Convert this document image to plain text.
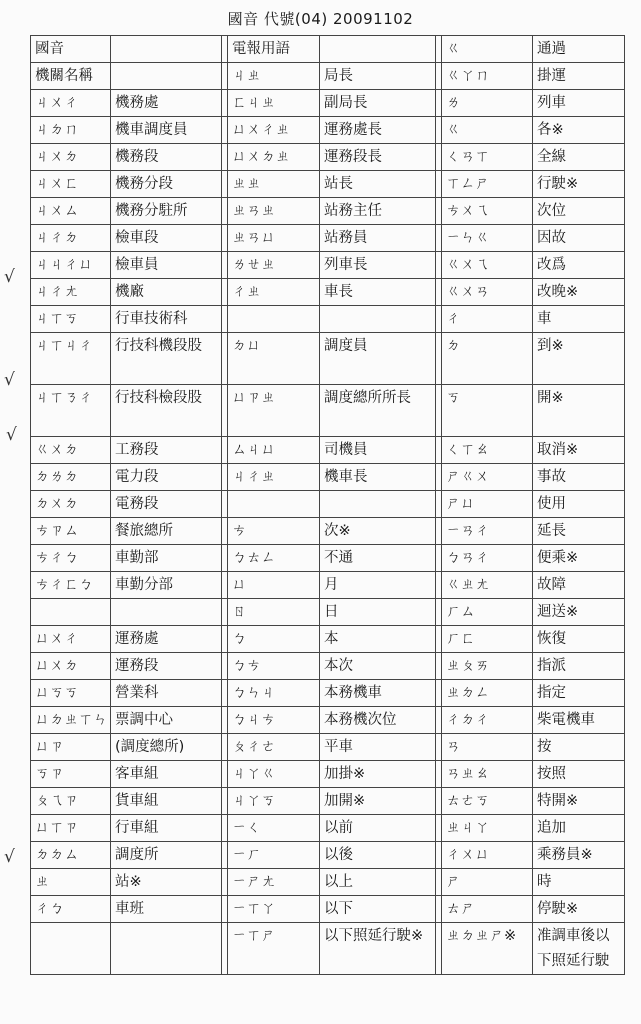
國音 代號(04) 20091102
國音			電報用語			ㄍ	通過
機關名稱			ㄐㄓ	局長		ㄍㄚㄇ	掛運
ㄐㄨㄔ	機務處		ㄈㄐㄓ	副局長		ㄌ	列車
ㄐㄉㄇ	機車調度員		ㄩㄨㄔㄓ	運務處長		ㄍ	各※
ㄐㄨㄉ	機務段		ㄩㄨㄉㄓ	運務段長		ㄑㄢㄒ	全線
ㄐㄨㄈ	機務分段		ㄓㄓ	站長		ㄒㄥㄕ	行駛※
ㄐㄨㄙ	機務分駐所		ㄓㄢㄓ	站務主任		ㄘㄨㄟ	次位
ㄐㄔㄉ	檢車段		ㄓㄢㄩ	站務員		ㄧㄣㄍ	因故
ㄐㄐㄔㄩ	檢車員		ㄌㄝㄓ	列車長		ㄍㄨㄟ	改爲
ㄐㄔㄤ	機廠		ㄔㄓ	車長		ㄍㄨㄢ	改晚※
ㄐㄒㄎ	行車技術科					ㄔ	車
ㄐㄒㄐㄔ	行技科機段股		ㄉㄩ	調度員		ㄉ	到※
ㄐㄒㄋㄔ	行技科檢段股		ㄩㄗㄓ	調度總所所長		ㄎ	開※
ㄍㄨㄉ	工務段		ㄙㄐㄩ	司機員		ㄑㄒㄠ	取消※
ㄉㄌㄉ	電力段		ㄐㄔㄓ	機車長		ㄕㄍㄨ	事故
ㄉㄨㄉ	電務段					ㄕㄩ	使用
ㄘㄗㄙ	餐旅總所		ㄘ	次※		ㄧㄢㄔ	延長
ㄘㄔㄅ	車勤部		ㄅㄊㄥ	不通		ㄅㄢㄔ	便乘※
ㄘㄔㄈㄅ	車勤分部		ㄩ	月		ㄍㄓㄤ	故障
			ㄖ	日		ㄏㄙ	迴送※
ㄩㄨㄔ	運務處		ㄅ	本		ㄏㄈ	恢復
ㄩㄨㄉ	運務段		ㄅㄘ	本次		ㄓㄆㄞ	指派
ㄩㄎㄎ	營業科		ㄅㄣㄐ	本務機車		ㄓㄉㄥ	指定
ㄩㄉㄓㄒㄣ	票調中心		ㄅㄐㄘ	本務機次位		ㄔㄉㄔ	柴電機車
ㄩㄗ	(調度總所)		ㄆㄔㄜ	平車		ㄢ	按
ㄎㄗ	客車組		ㄐㄚㄍ	加掛※		ㄢㄓㄠ	按照
ㄆㄟㄗ	貨車組		ㄐㄚㄎ	加開※		ㄊㄜㄎ	特開※
ㄩㄒㄗ	行車組		ㄧㄑ	以前		ㄓㄐㄚ	追加
ㄉㄉㄙ	調度所		ㄧㄏ	以後		ㄔㄨㄩ	乘務員※
ㄓ	站※		ㄧㄕㄤ	以上		ㄕ	時
ㄔㄅ	車班		ㄧㄒㄚ	以下		ㄊㄕ	停駛※
			ㄧㄒㄕ	以下照延行駛※		ㄓㄉㄓㄕ※	准調車後以下照延行駛
√
√
√
√
